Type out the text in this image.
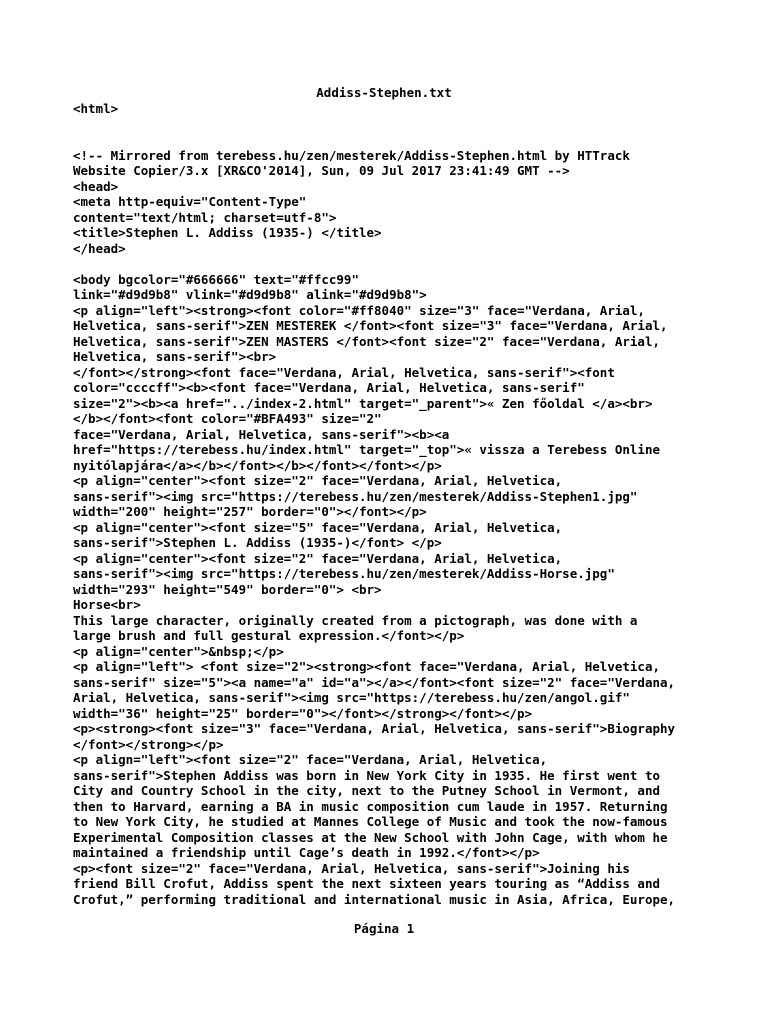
Addiss-Stephen.txt
<html>
<!-- Mirrored from terebess.hu/zen/mesterek/Addiss-Stephen.html by HTTrack
Website Copier/3.x [XR&CO'2014], Sun, 09 Jul 2017 23:41:49 GMT -->
<head>
<meta http-equiv="Content-Type"
content="text/html; charset=utf-8">
<title>Stephen L. Addiss (1935-) </title>
</head>
<body bgcolor="#666666" text="#ffcc99"
link="#d9d9b8" vlink="#d9d9b8" alink="#d9d9b8">
<p align="left"><strong><font color="#ff8040" size="3" face="Verdana, Arial,
Helvetica, sans-serif">ZEN MESTEREK </font><font size="3" face="Verdana, Arial,
Helvetica, sans-serif">ZEN MASTERS </font><font size="2" face="Verdana, Arial,
Helvetica, sans-serif"><br>
</font></strong><font face="Verdana, Arial, Helvetica, sans-serif"><font
color="ccccff"><b><font face="Verdana, Arial, Helvetica, sans-serif"
size="2"><b><a href="../index-2.html" target="_parent">« Zen főoldal </a><br>
</b></font><font color="#BFA493" size="2"
face="Verdana, Arial, Helvetica, sans-serif"><b><a
href="https://terebess.hu/index.html" target="_top">« vissza a Terebess Online
nyitólapjára</a></b></font></b></font></font></p>
<p align="center"><font size="2" face="Verdana, Arial, Helvetica,
sans-serif"><img src="https://terebess.hu/zen/mesterek/Addiss-Stephen1.jpg"
width="200" height="257" border="0"></font></p>
<p align="center"><font size="5" face="Verdana, Arial, Helvetica,
sans-serif">Stephen L. Addiss (1935-)</font> </p>
<p align="center"><font size="2" face="Verdana, Arial, Helvetica,
sans-serif"><img src="https://terebess.hu/zen/mesterek/Addiss-Horse.jpg"
width="293" height="549" border="0"> <br>
Horse<br>
This large character, originally created from a pictograph, was done with a
large brush and full gestural expression.</font></p>
<p align="center">&nbsp;</p>
<p align="left"> <font size="2"><strong><font face="Verdana, Arial, Helvetica,
sans-serif" size="5"><a name="a" id="a"></a></font><font size="2" face="Verdana,
Arial, Helvetica, sans-serif"><img src="https://terebess.hu/zen/angol.gif"
width="36" height="25" border="0"></font></strong></font></p>
<p><strong><font size="3" face="Verdana, Arial, Helvetica, sans-serif">Biography
</font></strong></p>
<p align="left"><font size="2" face="Verdana, Arial, Helvetica,
sans-serif">Stephen Addiss was born in New York City in 1935. He first went to
City and Country School in the city, next to the Putney School in Vermont, and
then to Harvard, earning a BA in music composition cum laude in 1957. Returning
to New York City, he studied at Mannes College of Music and took the now-famous
Experimental Composition classes at the New School with John Cage, with whom he
maintained a friendship until Cage’s death in 1992.</font></p>
<p><font size="2" face="Verdana, Arial, Helvetica, sans-serif">Joining his
friend Bill Crofut, Addiss spent the next sixteen years touring as “Addiss and
Crofut,” performing traditional and international music in Asia, Africa, Europe,
Página 1
